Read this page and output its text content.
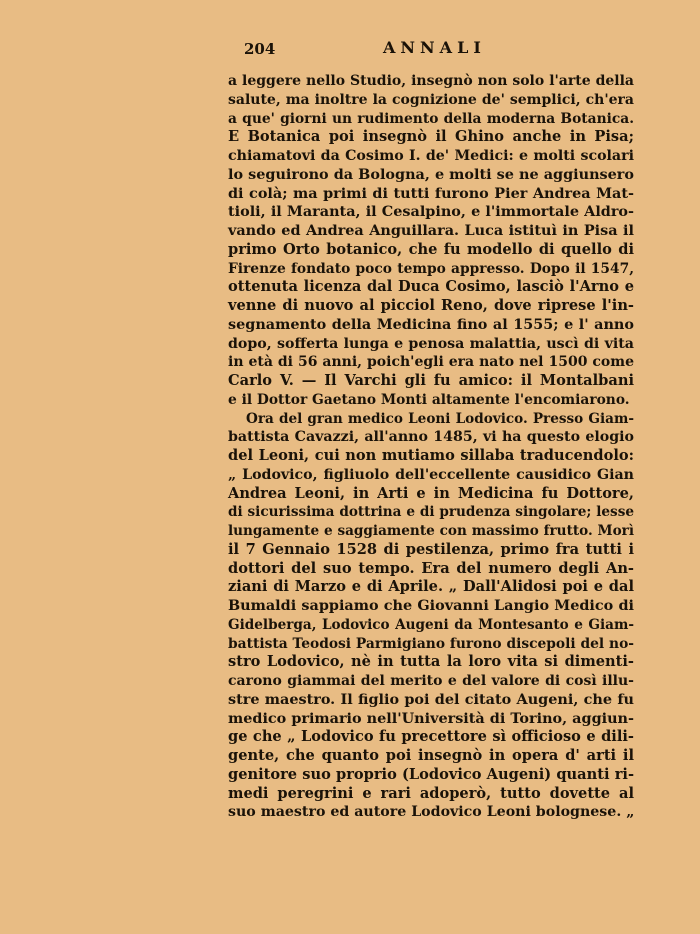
204	ANNALI
a leggere nello Studio, insegnò non solo l'arte della
salute, ma inoltre la cognizione de' semplici, ch'era
a que' giorni un rudimento della moderna Botanica.
E Botanica poi insegnò il Ghino anche in Pisa;
chiamatovi da Cosimo I. de' Medici: e molti scolari
lo seguirono da Bologna, e molti se ne aggiunsero
di colà; ma primi di tutti furono Pier Andrea Mat-
tioli, il Maranta, il Cesalpino, e l'immortale Aldro-
vando ed Andrea Anguillara. Luca istituì in Pisa il
primo Orto botanico, che fu modello di quello di
Firenze fondato poco tempo appresso. Dopo il 1547,
ottenuta licenza dal Duca Cosimo, lasciò l'Arno e
venne di nuovo al picciol Reno, dove riprese l'in-
segnamento della Medicina fino al 1555; e l' anno
dopo, sofferta lunga e penosa malattia, uscì di vita
in età di 56 anni, poich'egli era nato nel 1500 come
Carlo V. — Il Varchi gli fu amico: il Montalbani
e il Dottor Gaetano Monti altamente l'encomiarono.
Ora del gran medico Leoni Lodovico. Presso Giam-
battista Cavazzi, all'anno 1485, vi ha questo elogio
del Leoni, cui non mutiamo sillaba traducendolo:
„ Lodovico, figliuolo dell'eccellente causidico Gian
Andrea Leoni, in Arti e in Medicina fu Dottore,
di sicurissima dottrina e di prudenza singolare; lesse
lungamente e saggiamente con massimo frutto. Morì
il 7 Gennaio 1528 di pestilenza, primo fra tutti i
dottori del suo tempo. Era del numero degli An-
ziani di Marzo e di Aprile. „ Dall'Alidosi poi e dal
Bumaldi sappiamo che Giovanni Langio Medico di
Gidelberga, Lodovico Augeni da Montesanto e Giam-
battista Teodosi Parmigiano furono discepoli del no-
stro Lodovico, nè in tutta la loro vita si dimenti-
carono giammai del merito e del valore di così illu-
stre maestro. Il figlio poi del citato Augeni, che fu
medico primario nell'Università di Torino, aggiun-
ge che „ Lodovico fu precettore sì officioso e dili-
gente, che quanto poi insegnò in opera d' arti il
genitore suo proprio (Lodovico Augeni) quanti ri-
medi peregrini e rari adoperò, tutto dovette al
suo maestro ed autore Lodovico Leoni bolognese. „
